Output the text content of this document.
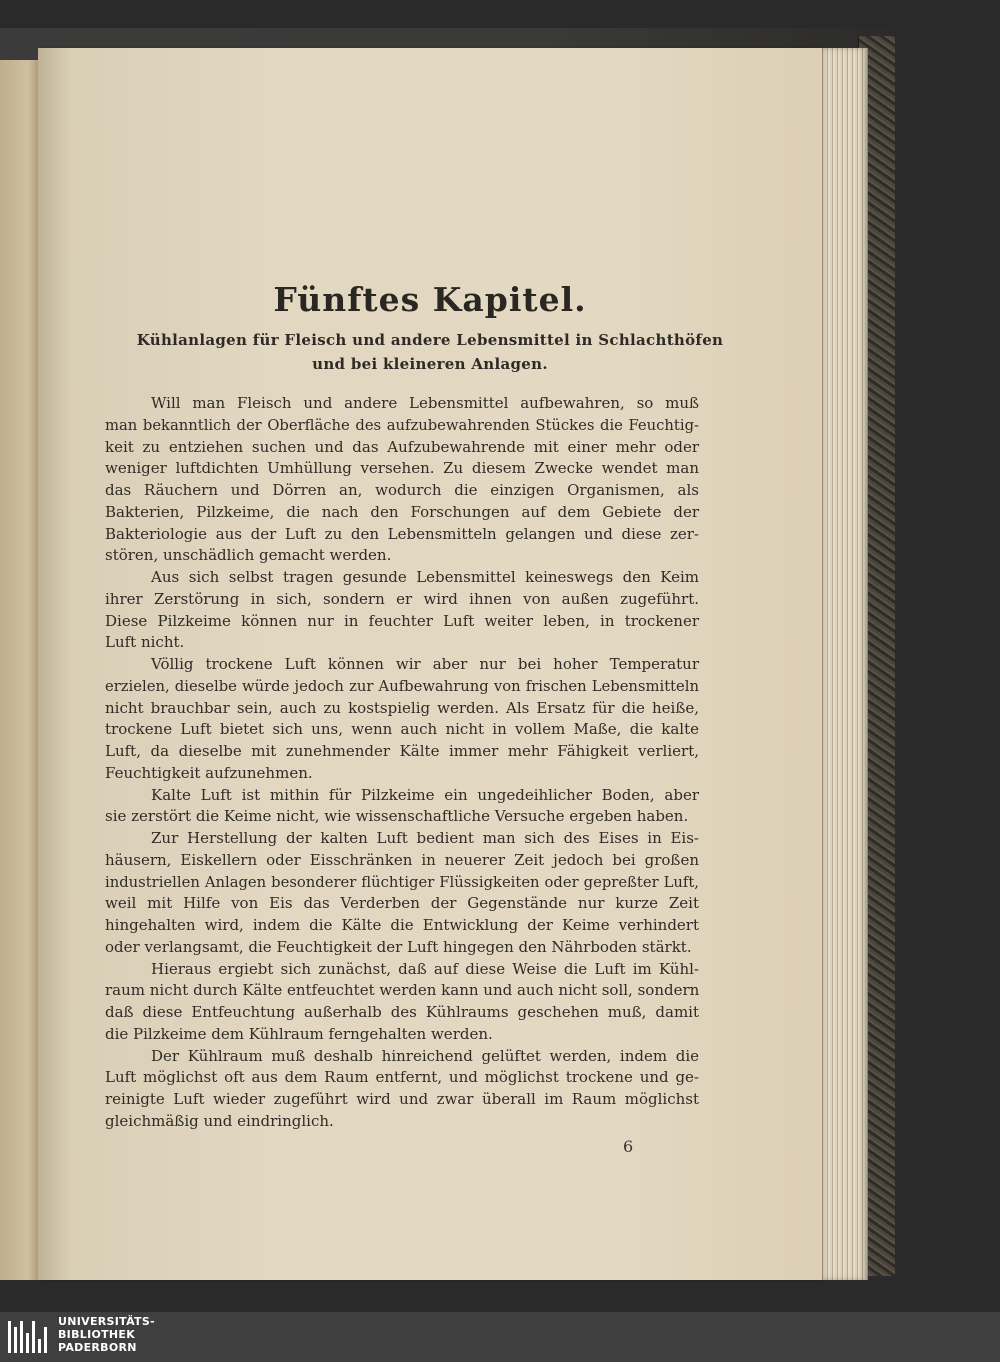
Fünftes Kapitel.
Kühlanlagen für Fleisch und andere Lebensmittel in Schlachthöfen
und bei kleineren Anlagen.
Will man Fleisch und andere Lebensmittel aufbewahren, so muß
man bekanntlich der Oberfläche des aufzubewahrenden Stückes die Feuchtig-
keit zu entziehen suchen und das Aufzubewahrende mit einer mehr oder
weniger luftdichten Umhüllung versehen. Zu diesem Zwecke wendet man
das Räuchern und Dörren an, wodurch die einzigen Organismen, als
Bakterien, Pilzkeime, die nach den Forschungen auf dem Gebiete der
Bakteriologie aus der Luft zu den Lebensmitteln gelangen und diese zer-
stören, unschädlich gemacht werden.
Aus sich selbst tragen gesunde Lebensmittel keineswegs den Keim
ihrer Zerstörung in sich, sondern er wird ihnen von außen zugeführt.
Diese Pilzkeime können nur in feuchter Luft weiter leben, in trockener
Luft nicht.
Völlig trockene Luft können wir aber nur bei hoher Temperatur
erzielen, dieselbe würde jedoch zur Aufbewahrung von frischen Lebensmitteln
nicht brauchbar sein, auch zu kostspielig werden. Als Ersatz für die heiße,
trockene Luft bietet sich uns, wenn auch nicht in vollem Maße, die kalte
Luft, da dieselbe mit zunehmender Kälte immer mehr Fähigkeit verliert,
Feuchtigkeit aufzunehmen.
Kalte Luft ist mithin für Pilzkeime ein ungedeihlicher Boden, aber
sie zerstört die Keime nicht, wie wissenschaftliche Versuche ergeben haben.
Zur Herstellung der kalten Luft bedient man sich des Eises in Eis-
häusern, Eiskellern oder Eisschränken in neuerer Zeit jedoch bei großen
industriellen Anlagen besonderer flüchtiger Flüssigkeiten oder gepreßter Luft,
weil mit Hilfe von Eis das Verderben der Gegenstände nur kurze Zeit
hingehalten wird, indem die Kälte die Entwicklung der Keime verhindert
oder verlangsamt, die Feuchtigkeit der Luft hingegen den Nährboden stärkt.
Hieraus ergiebt sich zunächst, daß auf diese Weise die Luft im Kühl-
raum nicht durch Kälte entfeuchtet werden kann und auch nicht soll, sondern
daß diese Entfeuchtung außerhalb des Kühlraums geschehen muß, damit
die Pilzkeime dem Kühlraum ferngehalten werden.
Der Kühlraum muß deshalb hinreichend gelüftet werden, indem die
Luft möglichst oft aus dem Raum entfernt, und möglichst trockene und ge-
reinigte Luft wieder zugeführt wird und zwar überall im Raum möglichst
gleichmäßig und eindringlich.
6
UNIVERSITÄTS-
BIBLIOTHEK
PADERBORN
